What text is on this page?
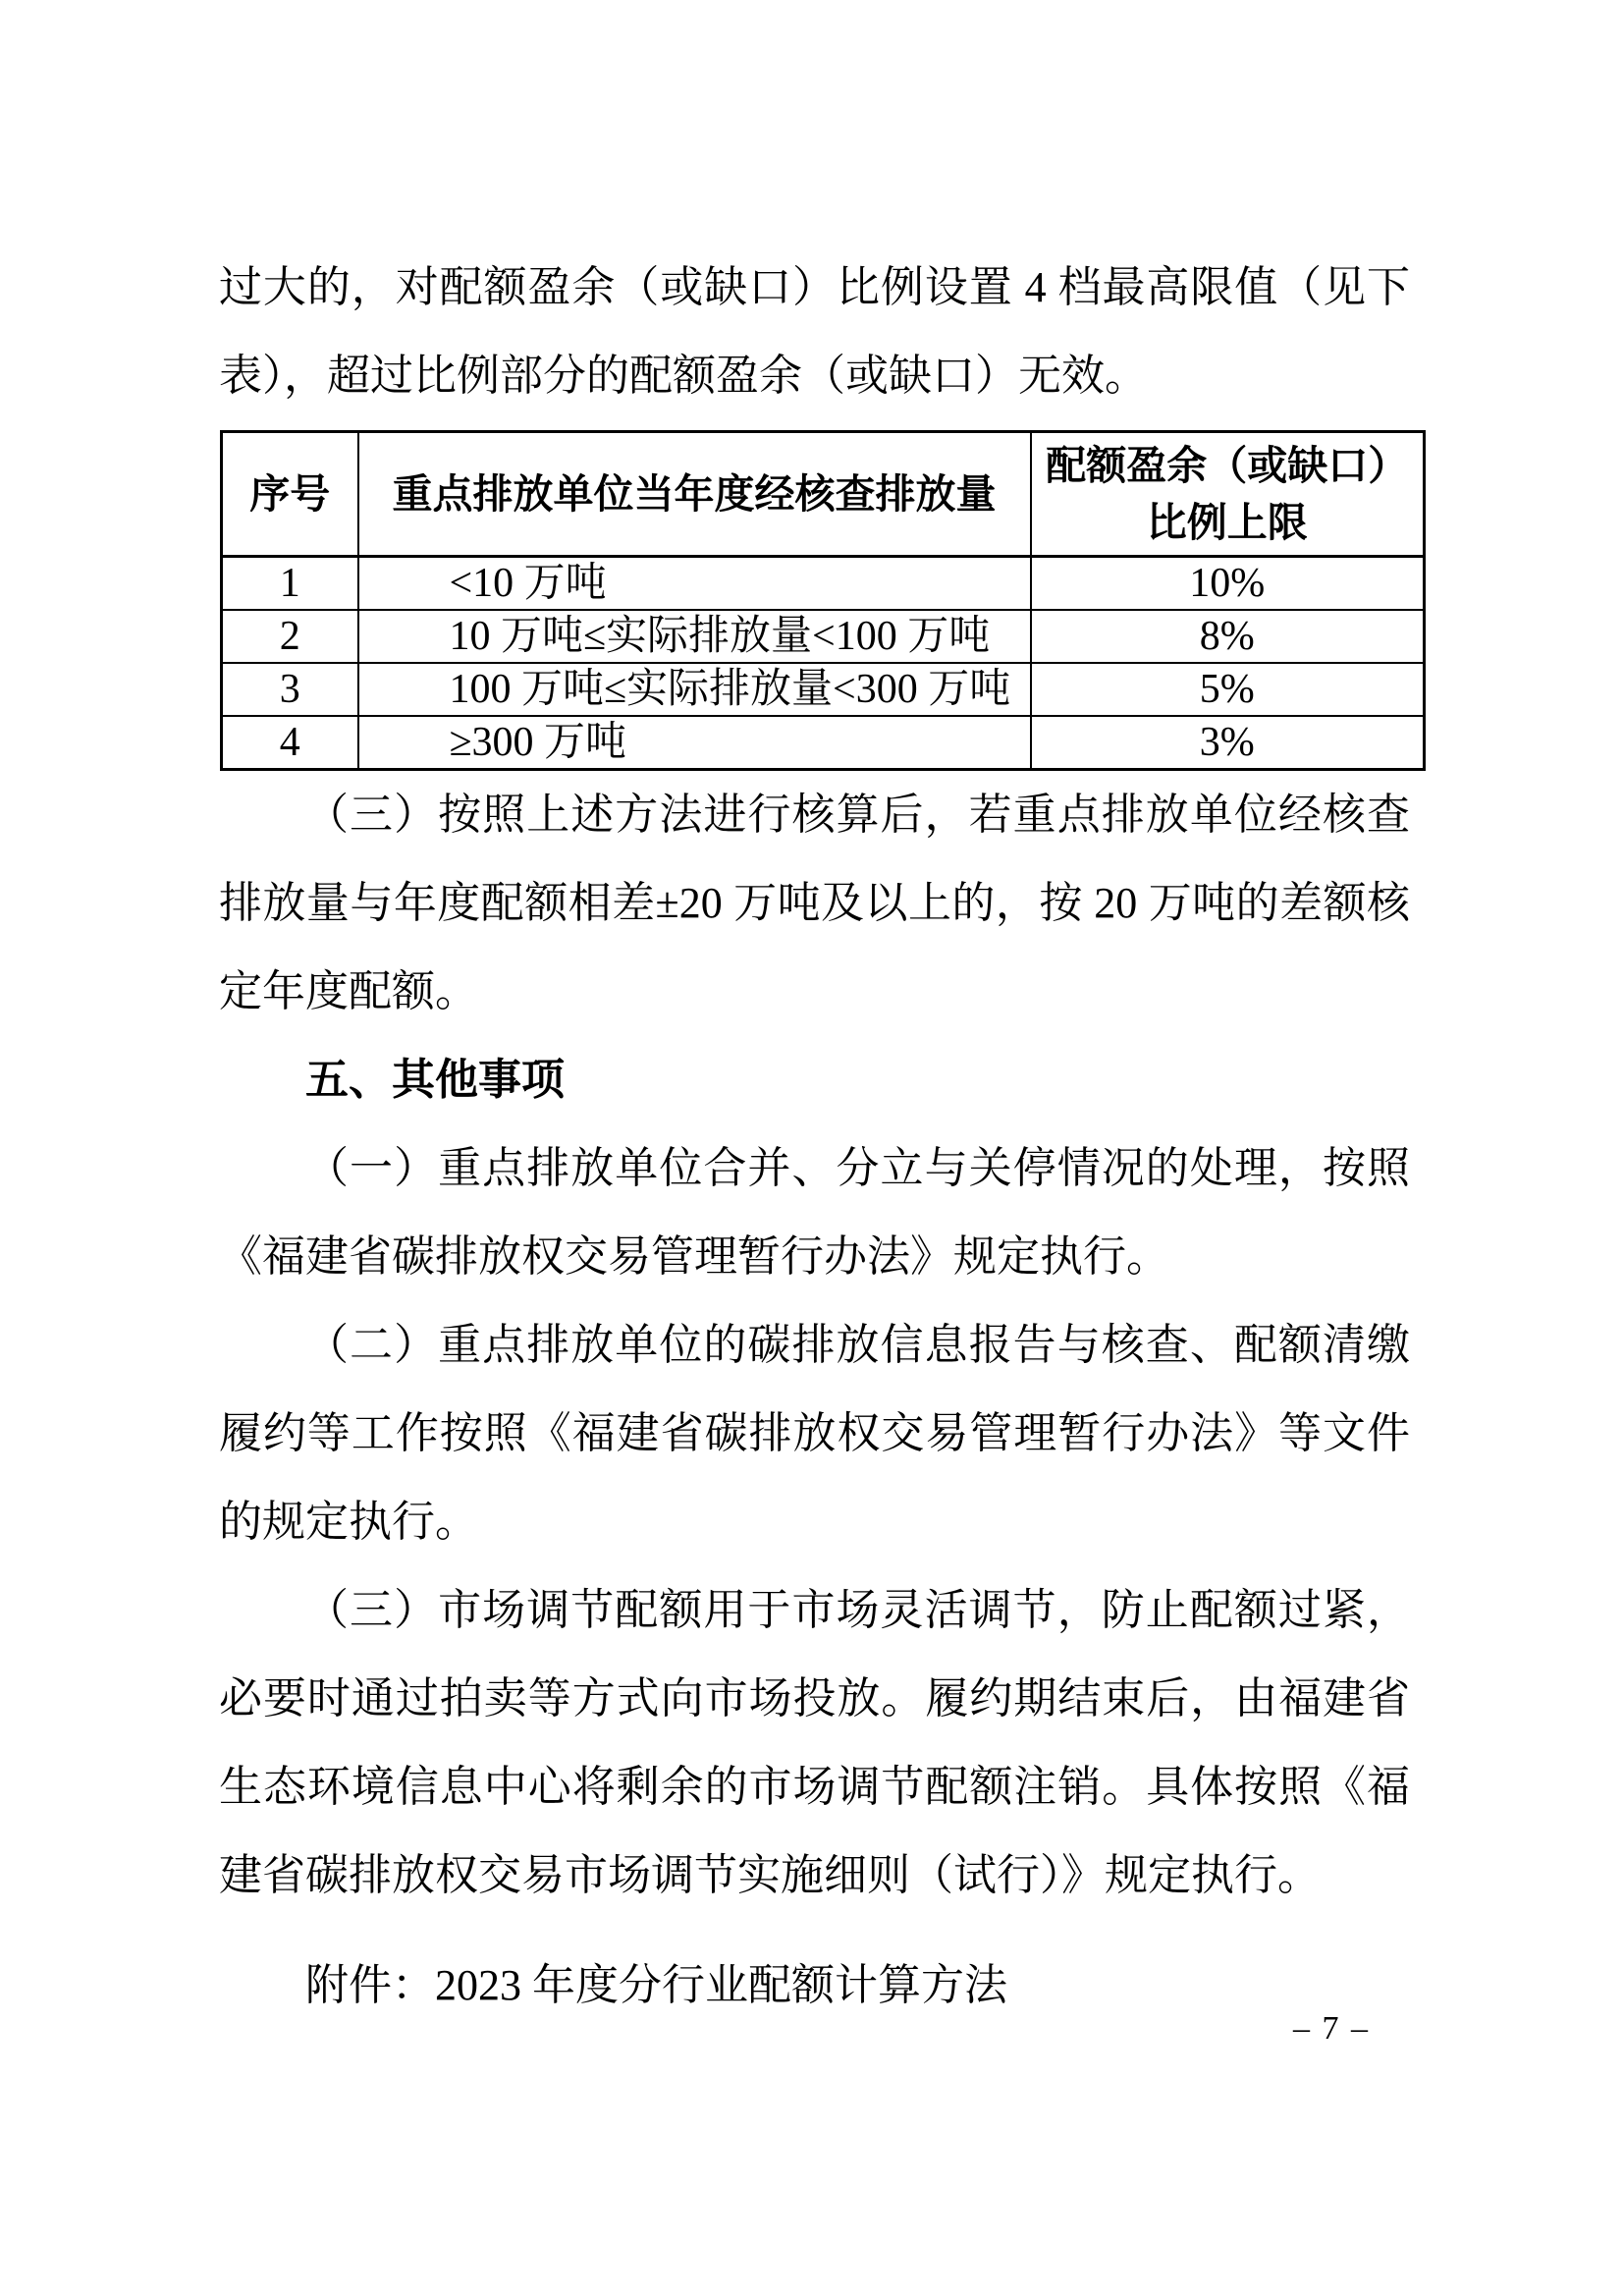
过大的，对配额盈余（或缺口）比例设置 4 档最高限值（见下
表），超过比例部分的配额盈余（或缺口）无效。

序号	重点排放单位当年度经核查排放量	配额盈余（或缺口）
比例上限

1	<10 万吨	10%
2	10 万吨≤实际排放量<100 万吨	8%
3	100 万吨≤实际排放量<300 万吨	5%
4	≥300 万吨	3%

（三）按照上述方法进行核算后，若重点排放单位经核查
排放量与年度配额相差±20 万吨及以上的，按 20 万吨的差额核
定年度配额。

五、其他事项

（一）重点排放单位合并、分立与关停情况的处理，按照
《福建省碳排放权交易管理暂行办法》规定执行。

（二）重点排放单位的碳排放信息报告与核查、配额清缴
履约等工作按照《福建省碳排放权交易管理暂行办法》等文件
的规定执行。

（三）市场调节配额用于市场灵活调节，防止配额过紧，
必要时通过拍卖等方式向市场投放。履约期结束后，由福建省
生态环境信息中心将剩余的市场调节配额注销。具体按照《福
建省碳排放权交易市场调节实施细则（试行）》规定执行。

附件：2023 年度分行业配额计算方法

– 7 –
